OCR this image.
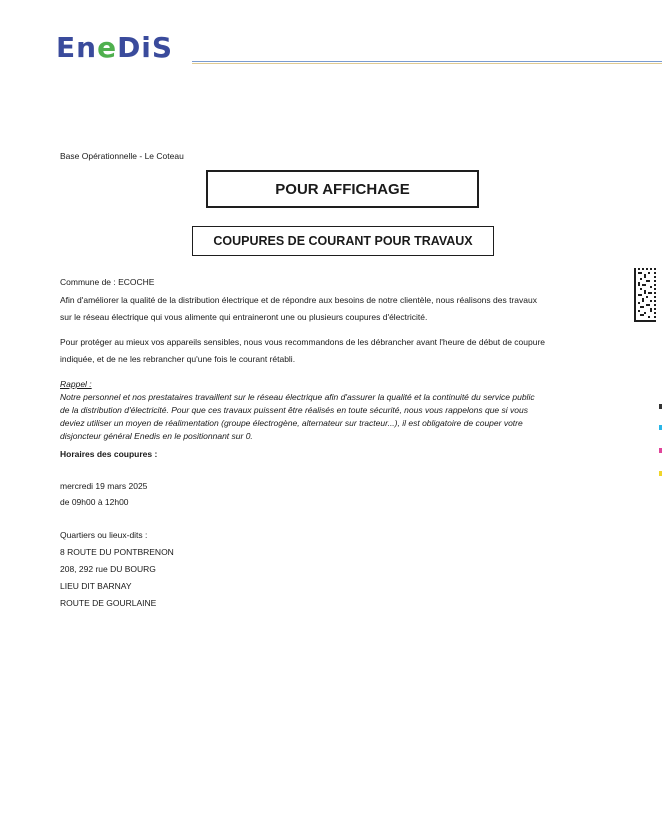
EneDiS
Base Opérationnelle - Le Coteau
POUR AFFICHAGE
COUPURES DE COURANT POUR TRAVAUX
Commune de : ECOCHE
Afin d'améliorer la qualité de la distribution électrique et de répondre aux besoins de notre clientèle, nous réalisons des travaux
sur le réseau électrique qui vous alimente qui entraineront une ou plusieurs coupures d'électricité.
Pour protéger au mieux vos appareils sensibles, nous vous recommandons de les débrancher avant l'heure de début de coupure
indiquée, et de ne les rebrancher qu'une fois le courant rétabli.
Rappel :
Notre personnel et nos prestataires travaillent sur le réseau électrique afin d'assurer la qualité et la continuité du service public
de la distribution d'électricité. Pour que ces travaux puissent être réalisés en toute sécurité, nous vous rappelons que si vous
deviez utiliser un moyen de réalimentation (groupe électrogène, alternateur sur tracteur...), il est obligatoire de couper votre
disjoncteur général Enedis en le positionnant sur 0.
Horaires des coupures :
mercredi 19 mars 2025
de 09h00 à 12h00
Quartiers ou lieux-dits :
8 ROUTE DU PONTBRENON
208, 292 rue DU BOURG
LIEU DIT BARNAY
ROUTE DE GOURLAINE
